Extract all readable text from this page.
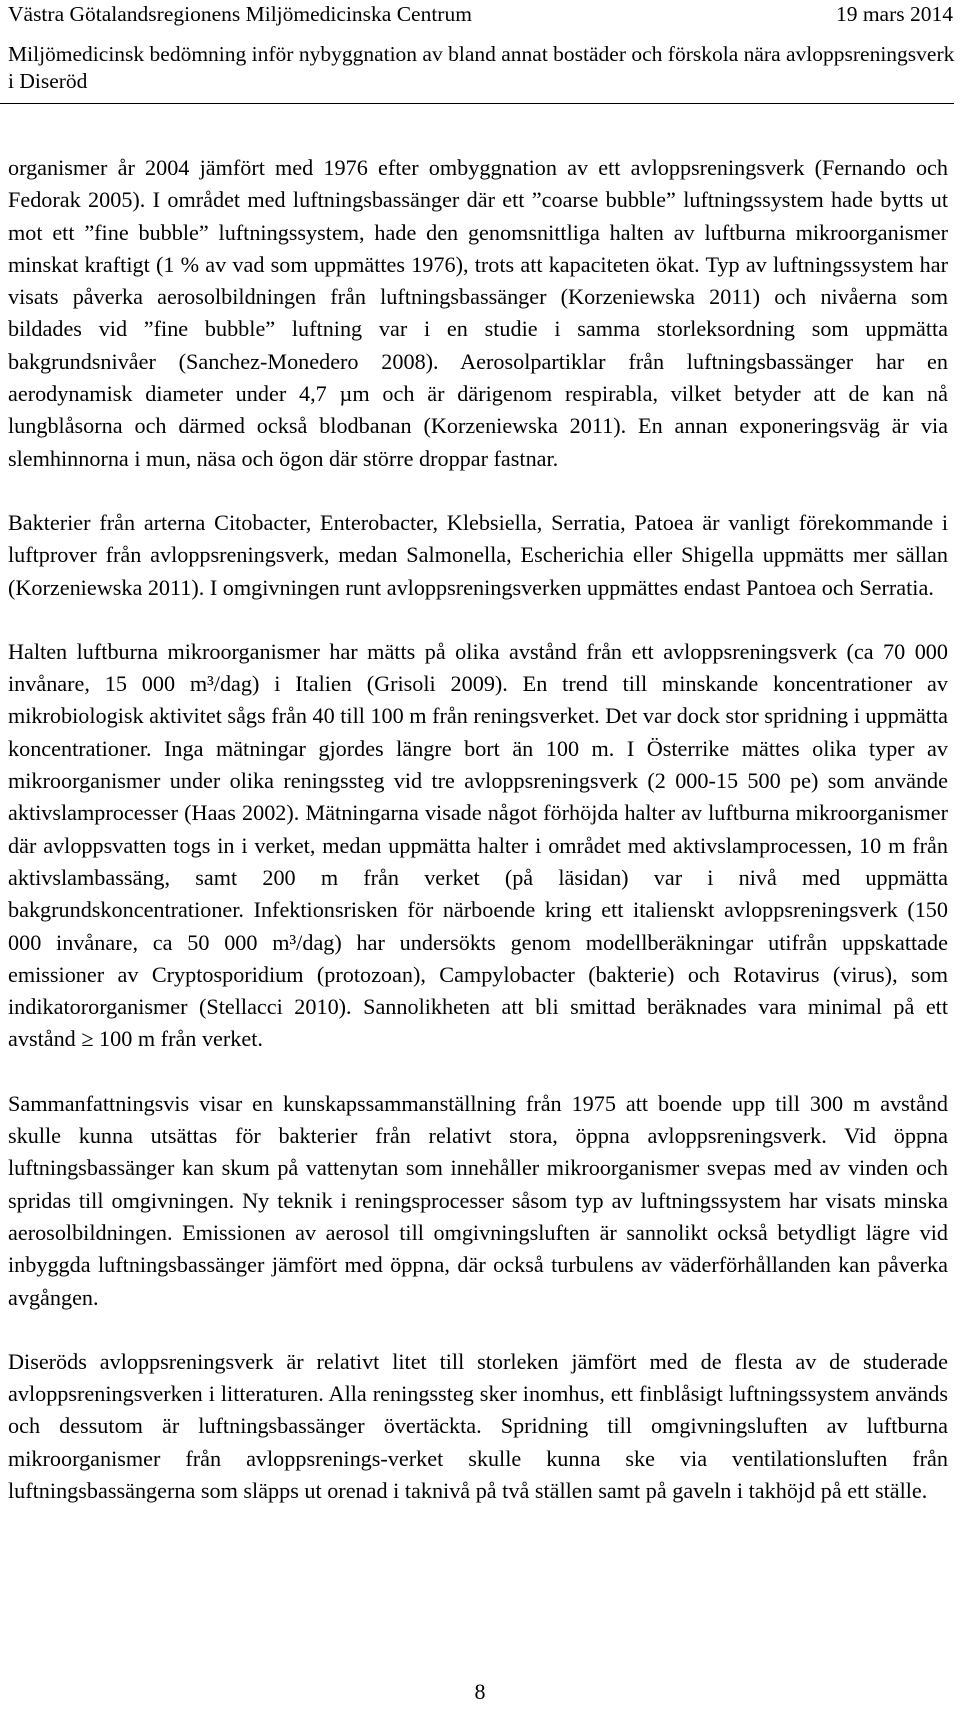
Västra Götalandsregionens Miljömedicinska Centrum	19 mars 2014
Miljömedicinsk bedömning inför nybyggnation av bland annat bostäder och förskola nära avloppsreningsverk i Diseröd

organismer år 2004 jämfört med 1976 efter ombyggnation av ett avloppsreningsverk (Fernando och Fedorak 2005). I området med luftningsbassänger där ett ”coarse bubble” luftningssystem hade bytts ut mot ett ”fine bubble” luftningssystem, hade den genomsnittliga halten av luftburna mikroorganismer minskat kraftigt (1 % av vad som uppmättes 1976), trots att kapaciteten ökat. Typ av luftningssystem har visats påverka aerosolbildningen från luftningsbassänger (Korzeniewska 2011) och nivåerna som bildades vid ”fine bubble” luftning var i en studie i samma storleksordning som uppmätta bakgrundsnivåer (Sanchez-Monedero 2008). Aerosolpartiklar från luftningsbassänger har en aerodynamisk diameter under 4,7 µm och är därigenom respirabla, vilket betyder att de kan nå lungblåsorna och därmed också blodbanan (Korzeniewska 2011). En annan exponeringsväg är via slemhinnorna i mun, näsa och ögon där större droppar fastnar.

Bakterier från arterna Citobacter, Enterobacter, Klebsiella, Serratia, Patoea är vanligt förekommande i luftprover från avloppsreningsverk, medan Salmonella, Escherichia eller Shigella uppmätts mer sällan (Korzeniewska 2011). I omgivningen runt avloppsreningsverken uppmättes endast Pantoea och Serratia.

Halten luftburna mikroorganismer har mätts på olika avstånd från ett avloppsreningsverk (ca 70 000 invånare, 15 000 m³/dag) i Italien (Grisoli 2009). En trend till minskande koncentrationer av mikrobiologisk aktivitet sågs från 40 till 100 m från reningsverket. Det var dock stor spridning i uppmätta koncentrationer. Inga mätningar gjordes längre bort än 100 m. I Österrike mättes olika typer av mikroorganismer under olika reningssteg vid tre avloppsreningsverk (2 000-15 500 pe) som använde aktivslamprocesser (Haas 2002). Mätningarna visade något förhöjda halter av luftburna mikroorganismer där avloppsvatten togs in i verket, medan uppmätta halter i området med aktivslamprocessen, 10 m från aktivslambassäng, samt 200 m från verket (på läsidan) var i nivå med uppmätta bakgrundskoncentrationer. Infektionsrisken för närboende kring ett italienskt avloppsreningsverk (150 000 invånare, ca 50 000 m³/dag) har undersökts genom modellberäkningar utifrån uppskattade emissioner av Cryptosporidium (protozoan), Campylobacter (bakterie) och Rotavirus (virus), som indikatororganismer (Stellacci 2010). Sannolikheten att bli smittad beräknades vara minimal på ett avstånd ≥ 100 m från verket.

Sammanfattningsvis visar en kunskapssammanställning från 1975 att boende upp till 300 m avstånd skulle kunna utsättas för bakterier från relativt stora, öppna avloppsreningsverk. Vid öppna luftningsbassänger kan skum på vattenytan som innehåller mikroorganismer svepas med av vinden och spridas till omgivningen. Ny teknik i reningsprocesser såsom typ av luftningssystem har visats minska aerosolbildningen. Emissionen av aerosol till omgivningsluften är sannolikt också betydligt lägre vid inbyggda luftningsbassänger jämfört med öppna, där också turbulens av väderförhållanden kan påverka avgången.

Diseröds avloppsreningsverk är relativt litet till storleken jämfört med de flesta av de studerade avloppsreningsverken i litteraturen. Alla reningssteg sker inomhus, ett finblåsigt luftningssystem används och dessutom är luftningsbassänger övertäckta. Spridning till omgivningsluften av luftburna mikroorganismer från avloppsrenings-verket skulle kunna ske via ventilationsluften från luftningsbassängerna som släpps ut orenad i taknivå på två ställen samt på gaveln i takhöjd på ett ställe.

8
